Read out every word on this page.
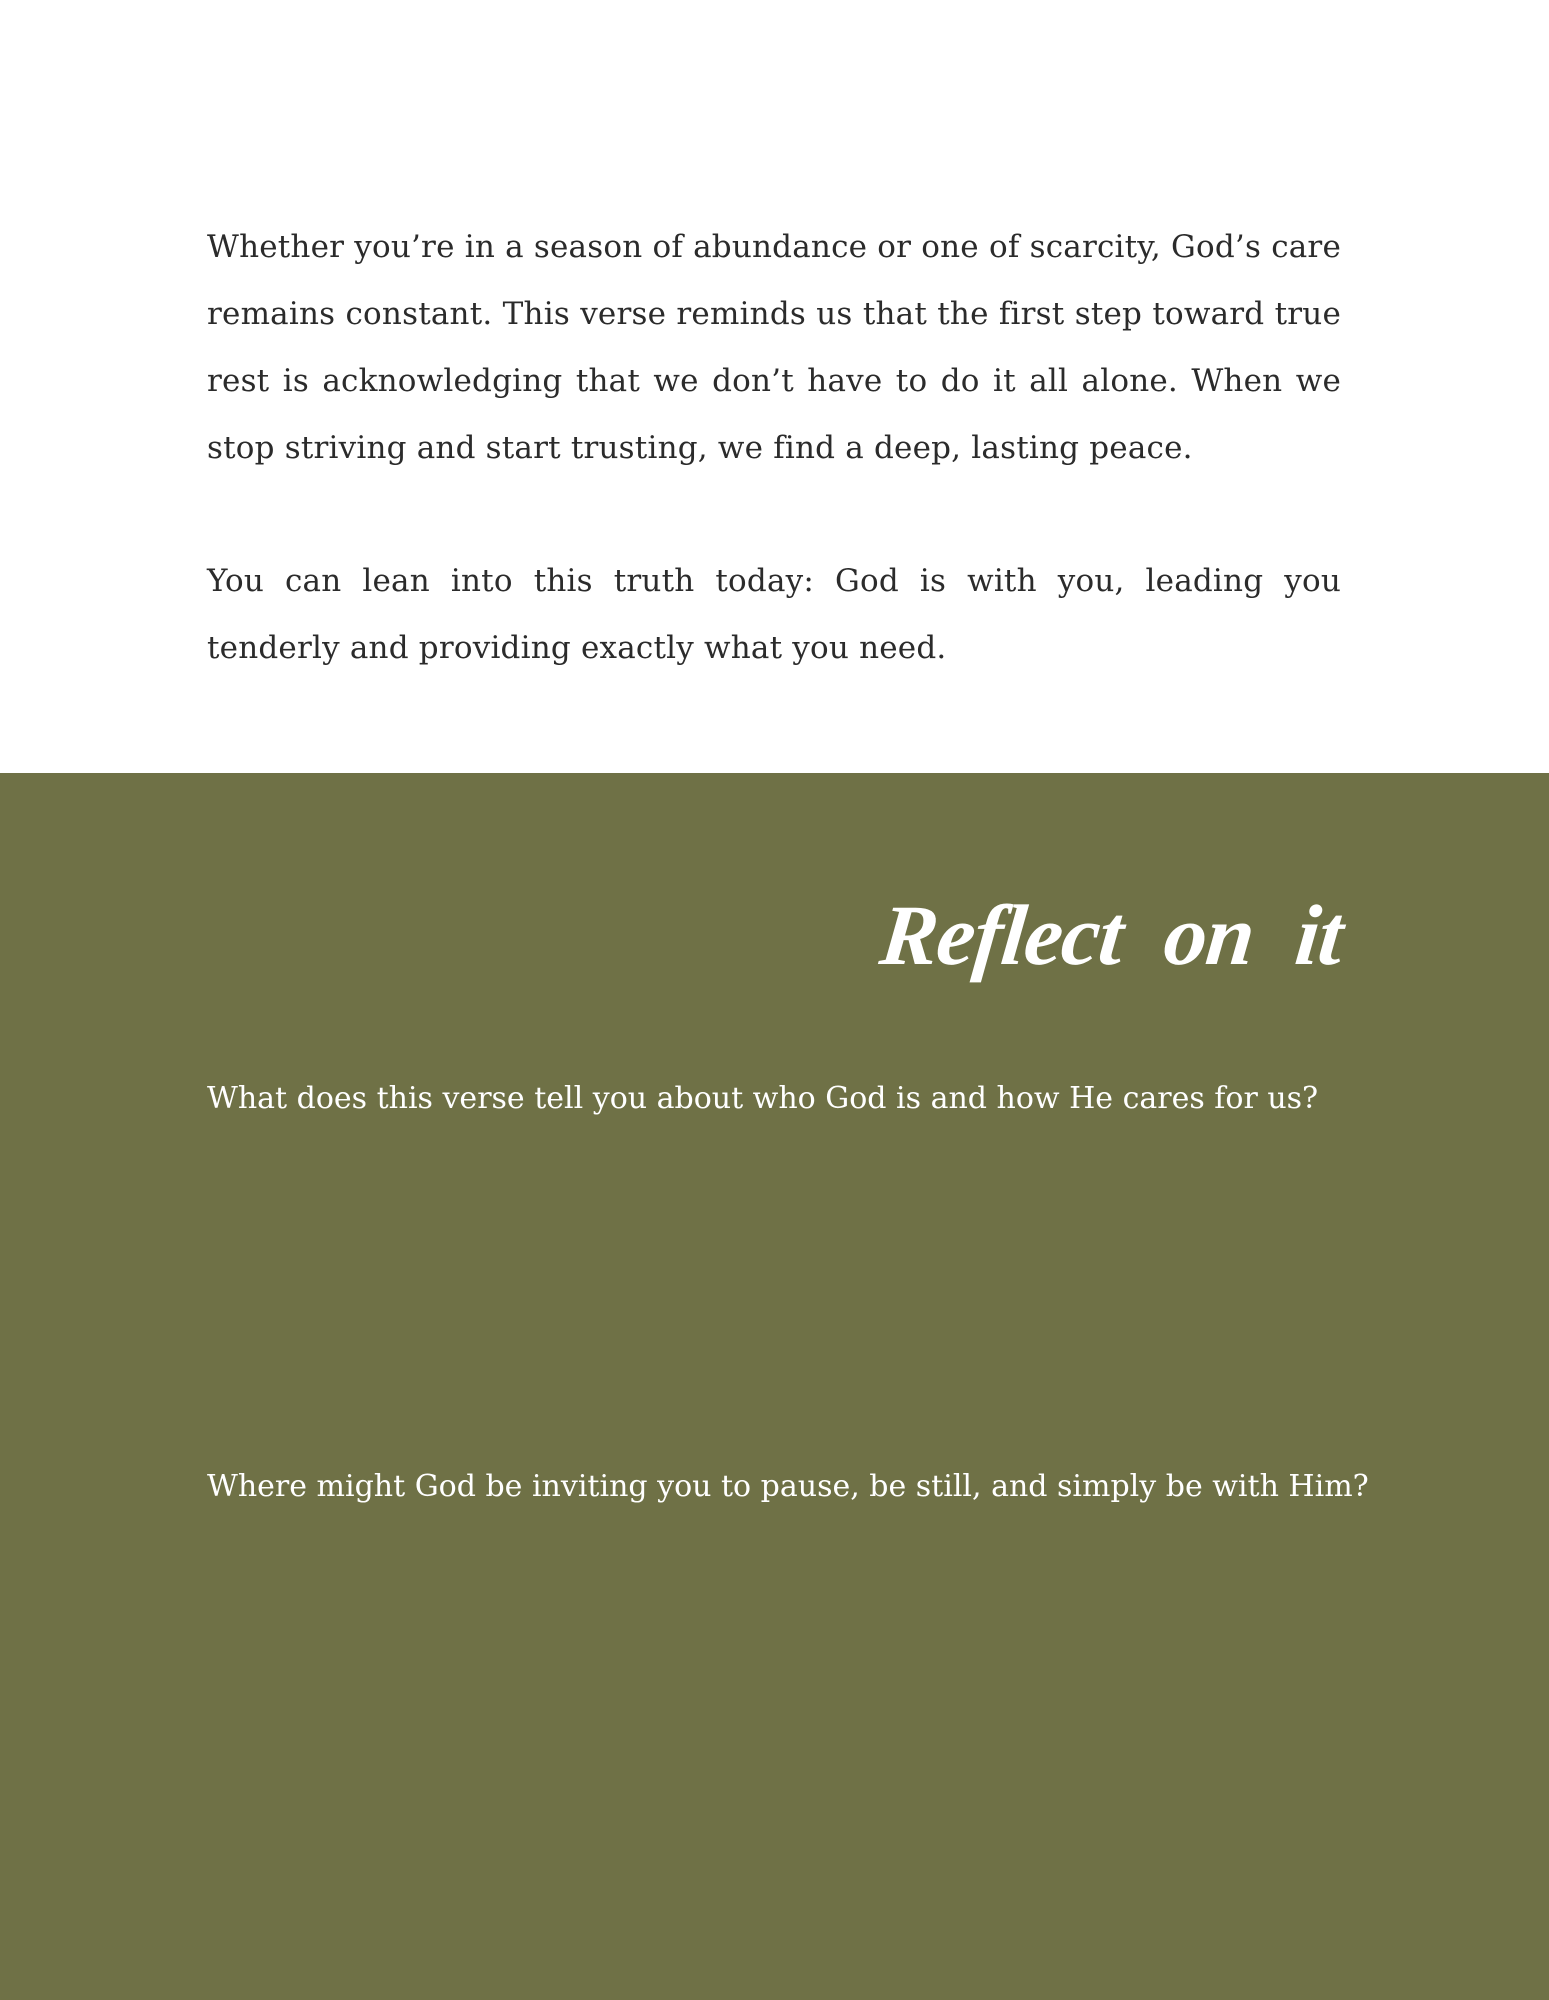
Whether you’re in a season of abundance or one of scarcity, God’s care remains constant. This verse reminds us that the first step toward true rest is acknowledging that we don’t have to do it all alone. When we stop striving and start trusting, we find a deep, lasting peace.

You can lean into this truth today: God is with you, leading you tenderly and providing exactly what you need.

Reflect on it

What does this verse tell you about who God is and how He cares for us?

Where might God be inviting you to pause, be still, and simply be with Him?
